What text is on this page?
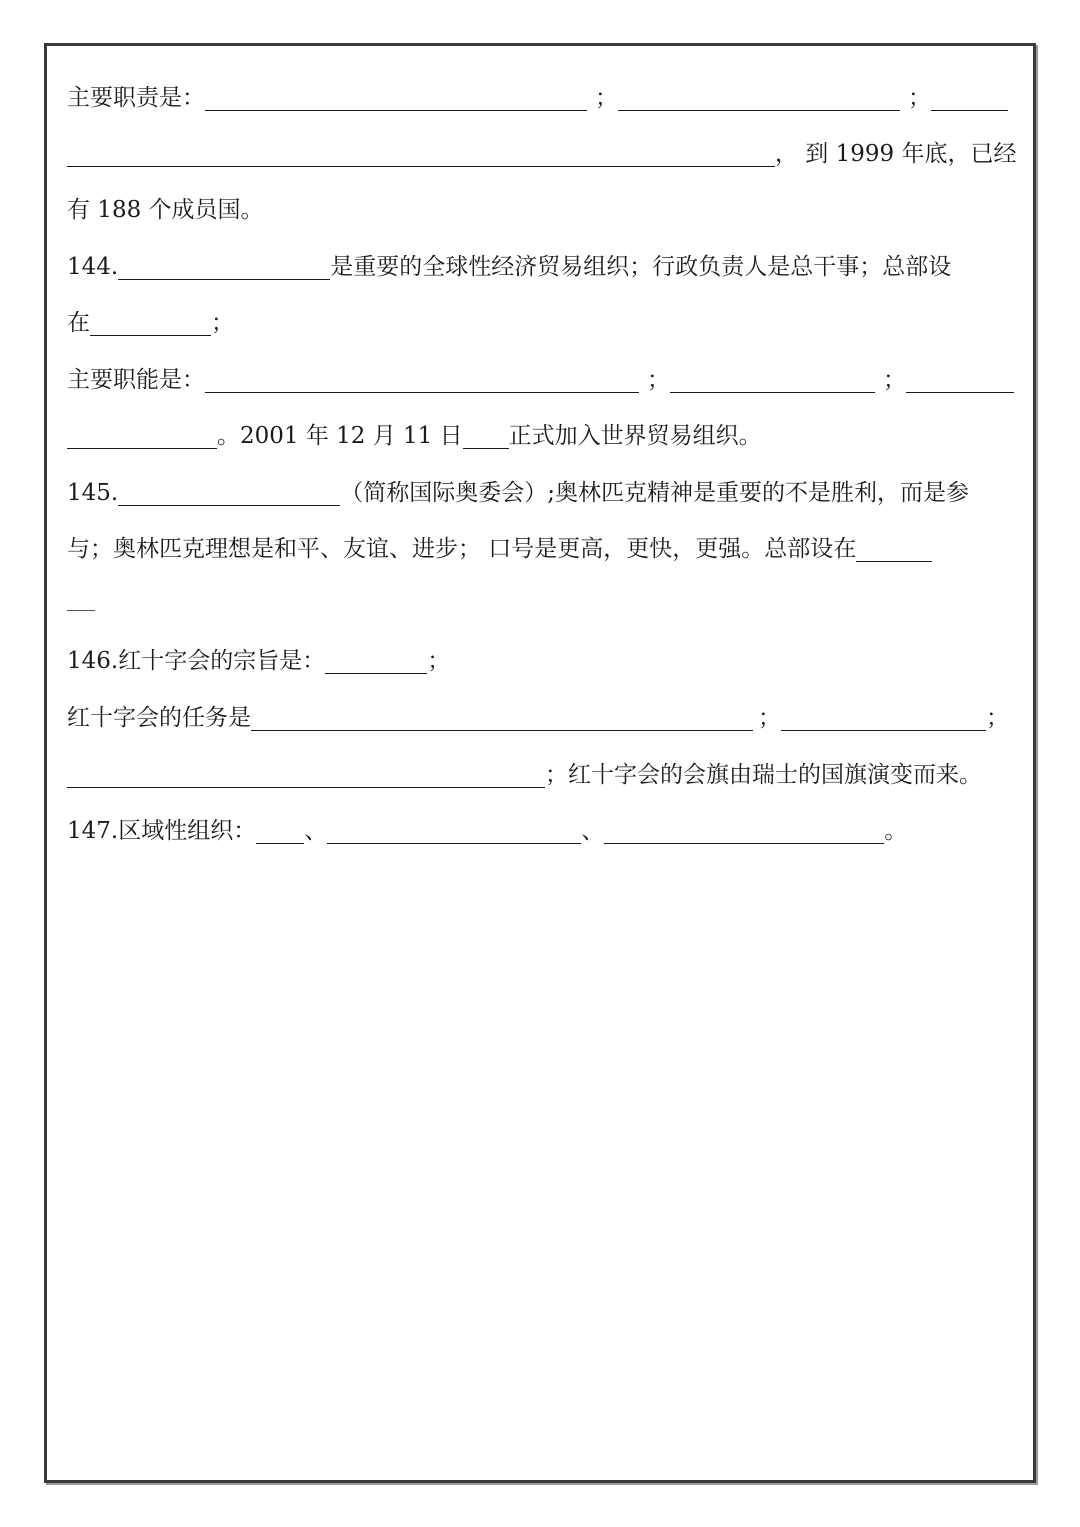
主要职责是：	；	；
， 到 1999 年底，已经
有 188 个成员国。
144.	是重要的全球性经济贸易组织；行政负责人是总干事；总部设
在	；
主要职能是：	；	；
。2001 年 12 月 11 日 正式加入世界贸易组织。
145.	（简称国际奥委会）;奥林匹克精神是重要的不是胜利，而是参
与；奥林匹克理想是和平、友谊、进步； 口号是更高，更快，更强。总部设在
146.红十字会的宗旨是：	；
红十字会的任务是	；	；
；红十字会的会旗由瑞士的国旗演变而来。
147.区域性组织： 、	、	。
